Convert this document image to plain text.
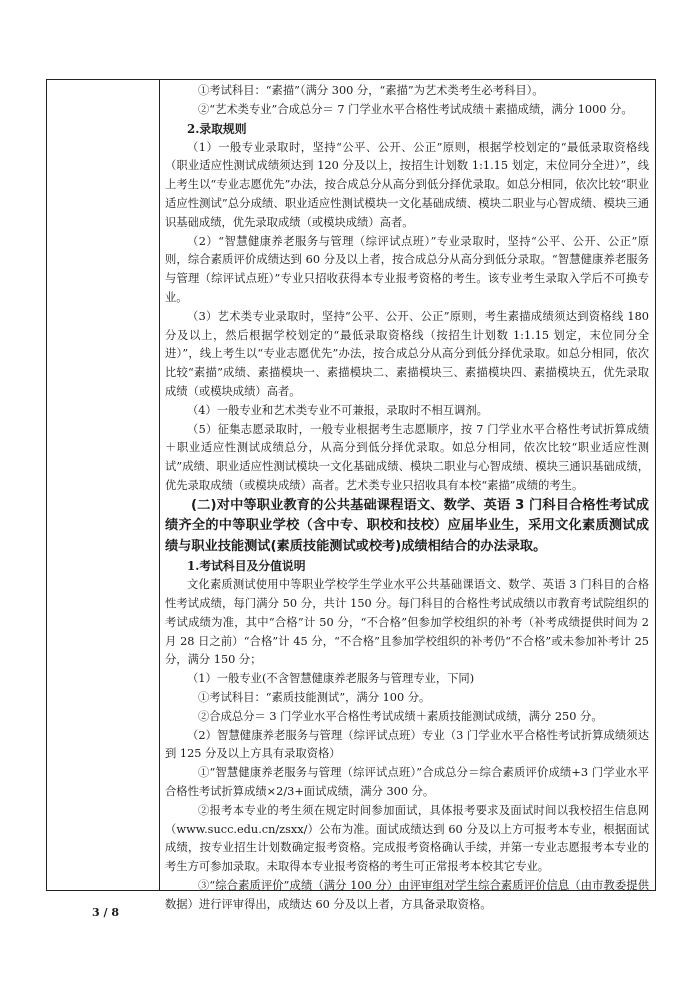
①考试科目：“素描”（满分 300 分，“素描”为艺术类考生必考科目）。

②“艺术类专业”合成总分＝ 7 门学业水平合格性考试成绩＋素描成绩，满分 1000 分。

2.录取规则

（1）一般专业录取时，坚持“公平、公开、公正”原则，根据学校划定的“最低录取资格线（职业适应性测试成绩须达到 120 分及以上，按招生计划数 1:1.15 划定，末位同分全进）”，线上考生以“专业志愿优先”办法，按合成总分从高分到低分择优录取。如总分相同，依次比较“职业适应性测试”总分成绩、职业适应性测试模块一文化基础成绩、模块二职业与心智成绩、模块三通识基础成绩，优先录取成绩（或模块成绩）高者。

（2）“智慧健康养老服务与管理（综评试点班）”专业录取时，坚持“公平、公开、公正”原则，综合素质评价成绩达到 60 分及以上者，按合成总分从高分到低分录取。“智慧健康养老服务与管理（综评试点班）”专业只招收获得本专业报考资格的考生。该专业考生录取入学后不可换专业。

（3）艺术类专业录取时，坚持“公平、公开、公正”原则，考生素描成绩须达到资格线 180 分及以上，然后根据学校划定的“最低录取资格线（按招生计划数 1:1.15 划定，末位同分全进）”，线上考生以“专业志愿优先”办法，按合成总分从高分到低分择优录取。如总分相同，依次比较“素描”成绩、素描模块一、素描模块二、素描模块三、素描模块四、素描模块五，优先录取成绩（或模块成绩）高者。

（4）一般专业和艺术类专业不可兼报，录取时不相互调剂。

（5）征集志愿录取时，一般专业根据考生志愿顺序，按 7 门学业水平合格性考试折算成绩＋职业适应性测试成绩总分，从高分到低分择优录取。如总分相同，依次比较“职业适应性测试”成绩、职业适应性测试模块一文化基础成绩、模块二职业与心智成绩、模块三通识基础成绩，优先录取成绩（或模块成绩）高者。艺术类专业只招收具有本校“素描”成绩的考生。

(二)对中等职业教育的公共基础课程语文、数学、英语 3 门科目合格性考试成绩齐全的中等职业学校（含中专、职校和技校）应届毕业生，采用文化素质测试成绩与职业技能测试(素质技能测试或校考)成绩相结合的办法录取。

1.考试科目及分值说明

文化素质测试使用中等职业学校学生学业水平公共基础课语文、数学、英语 3 门科目的合格性考试成绩，每门满分 50 分，共计 150 分。每门科目的合格性考试成绩以市教育考试院组织的考试成绩为准，其中“合格”计 50 分，“不合格”但参加学校组织的补考（补考成绩提供时间为 2 月 28 日之前）“合格”计 45 分，“不合格”且参加学校组织的补考仍“不合格”或未参加补考计 25 分，满分 150 分；

（1）一般专业(不含智慧健康养老服务与管理专业，下同)

①考试科目：“素质技能测试”，满分 100 分。

②合成总分＝ 3 门学业水平合格性考试成绩＋素质技能测试成绩，满分 250 分。

（2）智慧健康养老服务与管理（综评试点班）专业（3 门学业水平合格性考试折算成绩须达到 125 分及以上方具有录取资格）

①“智慧健康养老服务与管理（综评试点班）”合成总分＝综合素质评价成绩+3 门学业水平合格性考试折算成绩×2/3+面试成绩，满分 300 分。

②报考本专业的考生须在规定时间参加面试，具体报考要求及面试时间以我校招生信息网（www.succ.edu.cn/zsxx/）公布为准。面试成绩达到 60 分及以上方可报考本专业，根据面试成绩，按专业招生计划数确定报考资格。完成报考资格确认手续，并第一专业志愿报考本专业的考生方可参加录取。未取得本专业报考资格的考生可正常报考本校其它专业。

③“综合素质评价”成绩（满分 100 分）由评审组对学生综合素质评价信息（由市教委提供数据）进行评审得出，成绩达 60 分及以上者，方具备录取资格。

3 / 8
